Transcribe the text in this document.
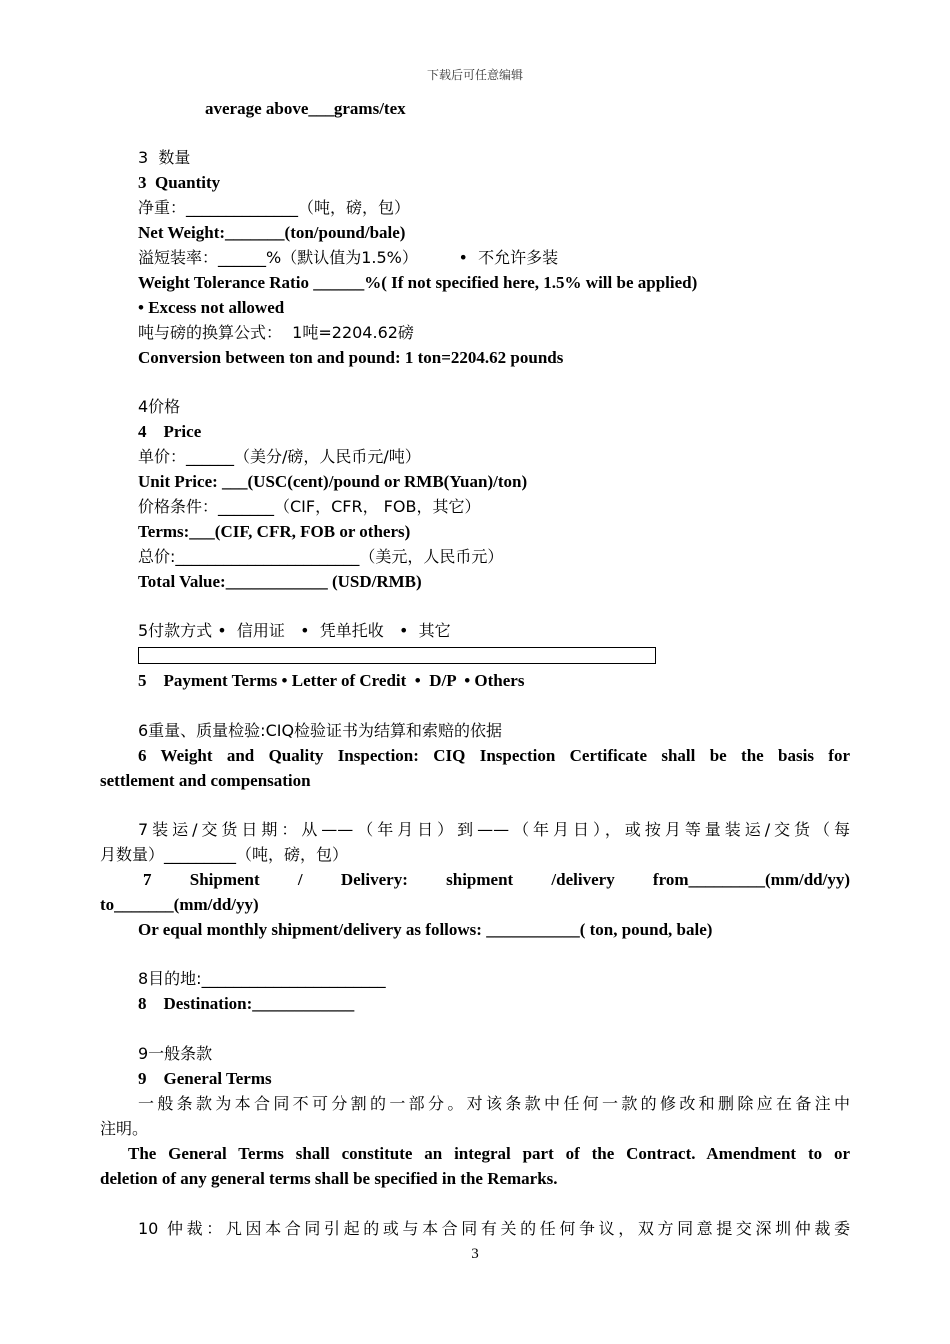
下载后可任意编辑
average above___grams/tex
3  数量
3  Quantity
净重：______________（吨，磅，包）
Net Weight:_______(ton/pound/bale)
溢短装率：______%（默认值为1.5%）        •  不允许多装
Weight Tolerance Ratio ______%( If not specified here, 1.5% will be applied)
• Excess not allowed
吨与磅的换算公式：  1吨=2204.62磅
Conversion between ton and pound: 1 ton=2204.62 pounds
4价格
4    Price
单价：______（美分/磅，人民币元/吨）
Unit Price: ___(USC(cent)/pound or RMB(Yuan)/ton)
价格条件：_______（CIF，CFR， FOB，其它）
Terms:___(CIF, CFR, FOB or others)
总价:_______________________（美元，人民币元）
Total Value:____________ (USD/RMB)
5付款方式 •  信用证   •  凭单托收   •  其它
5    Payment Terms • Letter of Credit  •  D/P  • Others
6重量、质量检验:CIQ检验证书为结算和索赔的依据
6 Weight and Quality Inspection: CIQ Inspection Certificate shall be the basis for
settlement and compensation
7装运/交货日期：从——（年月日）到——（年月日），或按月等量装运/交货（每
月数量）_________（吨，磅，包）
7 Shipment / Delivery: shipment /delivery from_________(mm/dd/yy)
to_______(mm/dd/yy)
Or equal monthly shipment/delivery as follows: ___________( ton, pound, bale)
8目的地:_______________________
8    Destination:____________
9一般条款
9    General Terms
一般条款为本合同不可分割的一部分。对该条款中任何一款的修改和删除应在备注中
注明。
The General Terms shall constitute an integral part of the Contract. Amendment to or
deletion of any general terms shall be specified in the Remarks.
10 仲裁：凡因本合同引起的或与本合同有关的任何争议，双方同意提交深圳仲裁委
3
